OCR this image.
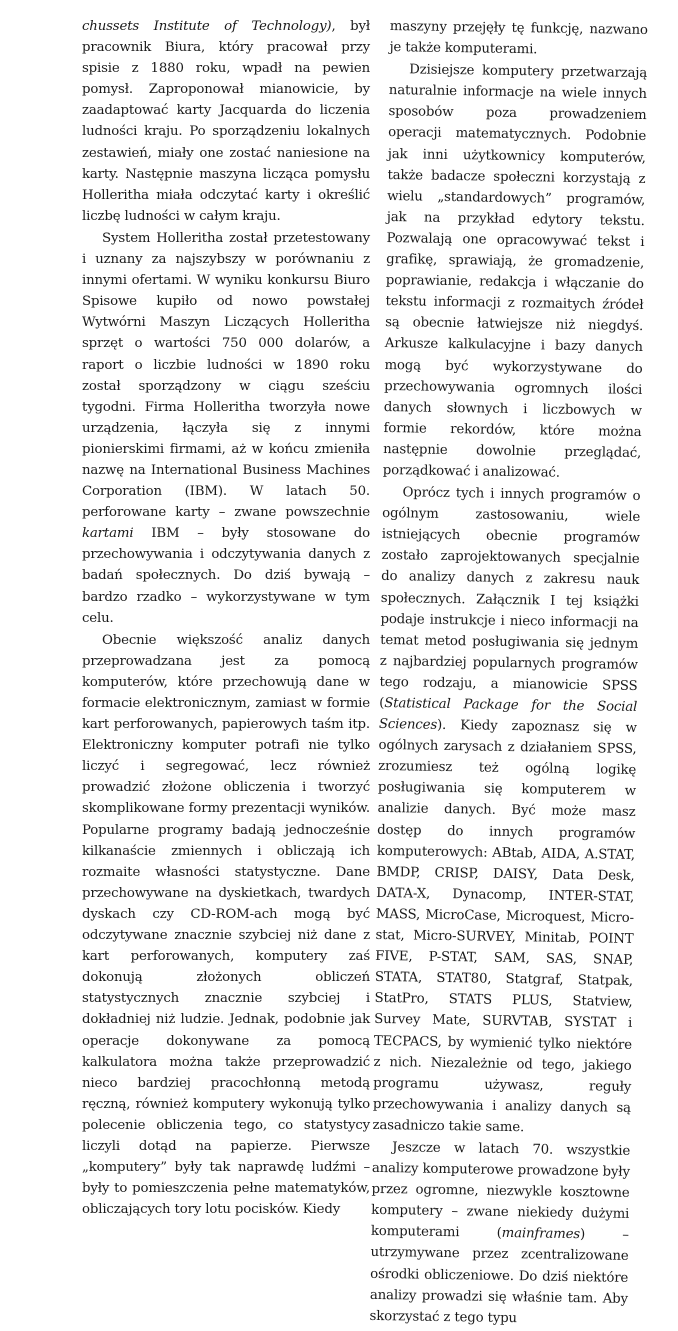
chussets Institute of Technology), był pracownik Biura, który pracował przy spisie z 1880 roku, wpadł na pewien pomysł. Zaproponował mianowicie, by zaadaptować karty Jacquarda do liczenia ludności kraju. Po sporządzeniu lokalnych zestawień, miały one zostać naniesione na karty. Następnie maszyna licząca pomysłu Holleritha miała odczytać karty i określić liczbę ludności w całym kraju.

System Holleritha został przetestowany i uznany za najszybszy w porównaniu z innymi ofertami. W wyniku konkursu Biuro Spisowe kupiło od nowo powstałej Wytwórni Maszyn Liczących Holleritha sprzęt o wartości 750 000 dolarów, a raport o liczbie ludności w 1890 roku został sporządzony w ciągu sześciu tygodni. Firma Holleritha tworzyła nowe urządzenia, łączyła się z innymi pionierskimi firmami, aż w końcu zmieniła nazwę na International Business Machines Corporation (IBM). W latach 50. perforowane karty – zwane powszechnie kartami IBM – były stosowane do przechowywania i odczytywania danych z badań społecznych. Do dziś bywają – bardzo rzadko – wykorzystywane w tym celu.

Obecnie większość analiz danych przeprowadzana jest za pomocą komputerów, które przechowują dane w formacie elektronicznym, zamiast w formie kart perforowanych, papierowych taśm itp. Elektroniczny komputer potrafi nie tylko liczyć i segregować, lecz również prowadzić złożone obliczenia i tworzyć skomplikowane formy prezentacji wyników. Popularne programy badają jednocześnie kilkanaście zmiennych i obliczają ich rozmaite własności statystyczne. Dane przechowywane na dyskietkach, twardych dyskach czy CD-ROM-ach mogą być odczytywane znacznie szybciej niż dane z kart perforowanych, komputery zaś dokonują złożonych obliczeń statystycznych znacznie szybciej i dokładniej niż ludzie. Jednak, podobnie jak operacje dokonywane za pomocą kalkulatora można także przeprowadzić nieco bardziej pracochłonną metodą ręczną, również komputery wykonują tylko polecenie obliczenia tego, co statystycy liczyli dotąd na papierze. Pierwsze „komputery” były tak naprawdę ludźmi – były to pomieszczenia pełne matematyków, obliczających tory lotu pocisków. Kiedy

maszyny przejęły tę funkcję, nazwano je także komputerami.

Dzisiejsze komputery przetwarzają naturalnie informacje na wiele innych sposobów poza prowadzeniem operacji matematycznych. Podobnie jak inni użytkownicy komputerów, także badacze społeczni korzystają z wielu „standardowych” programów, jak na przykład edytory tekstu. Pozwalają one opracowywać tekst i grafikę, sprawiają, że gromadzenie, poprawianie, redakcja i włączanie do tekstu informacji z rozmaitych źródeł są obecnie łatwiejsze niż niegdyś. Arkusze kalkulacyjne i bazy danych mogą być wykorzystywane do przechowywania ogromnych ilości danych słownych i liczbowych w formie rekordów, które można następnie dowolnie przeglądać, porządkować i analizować.

Oprócz tych i innych programów o ogólnym zastosowaniu, wiele istniejących obecnie programów zostało zaprojektowanych specjalnie do analizy danych z zakresu nauk społecznych. Załącznik I tej książki podaje instrukcje i nieco informacji na temat metod posługiwania się jednym z najbardziej popularnych programów tego rodzaju, a mianowicie SPSS (Statistical Package for the Social Sciences). Kiedy zapoznasz się w ogólnych zarysach z działaniem SPSS, zrozumiesz też ogólną logikę posługiwania się komputerem w analizie danych. Być może masz dostęp do innych programów komputerowych: ABtab, AIDA, A.STAT, BMDP, CRISP, DAISY, Data Desk, DATA-X, Dynacomp, INTER-STAT, MASS, MicroCase, Microquest, Micro-stat, Micro-SURVEY, Minitab, POINT FIVE, P-STAT, SAM, SAS, SNAP, STATA, STAT80, Statgraf, Statpak, StatPro, STATS PLUS, Statview, Survey Mate, SURVTAB, SYSTAT i TECPACS, by wymienić tylko niektóre z nich. Niezależnie od tego, jakiego programu używasz, reguły przechowywania i analizy danych są zasadniczo takie same.

Jeszcze w latach 70. wszystkie analizy komputerowe prowadzone były przez ogromne, niezwykle kosztowne komputery – zwane niekiedy dużymi komputerami (mainframes) – utrzymywane przez zcentralizowane ośrodki obliczeniowe. Do dziś niektóre analizy prowadzi się właśnie tam. Aby skorzystać z tego typu
